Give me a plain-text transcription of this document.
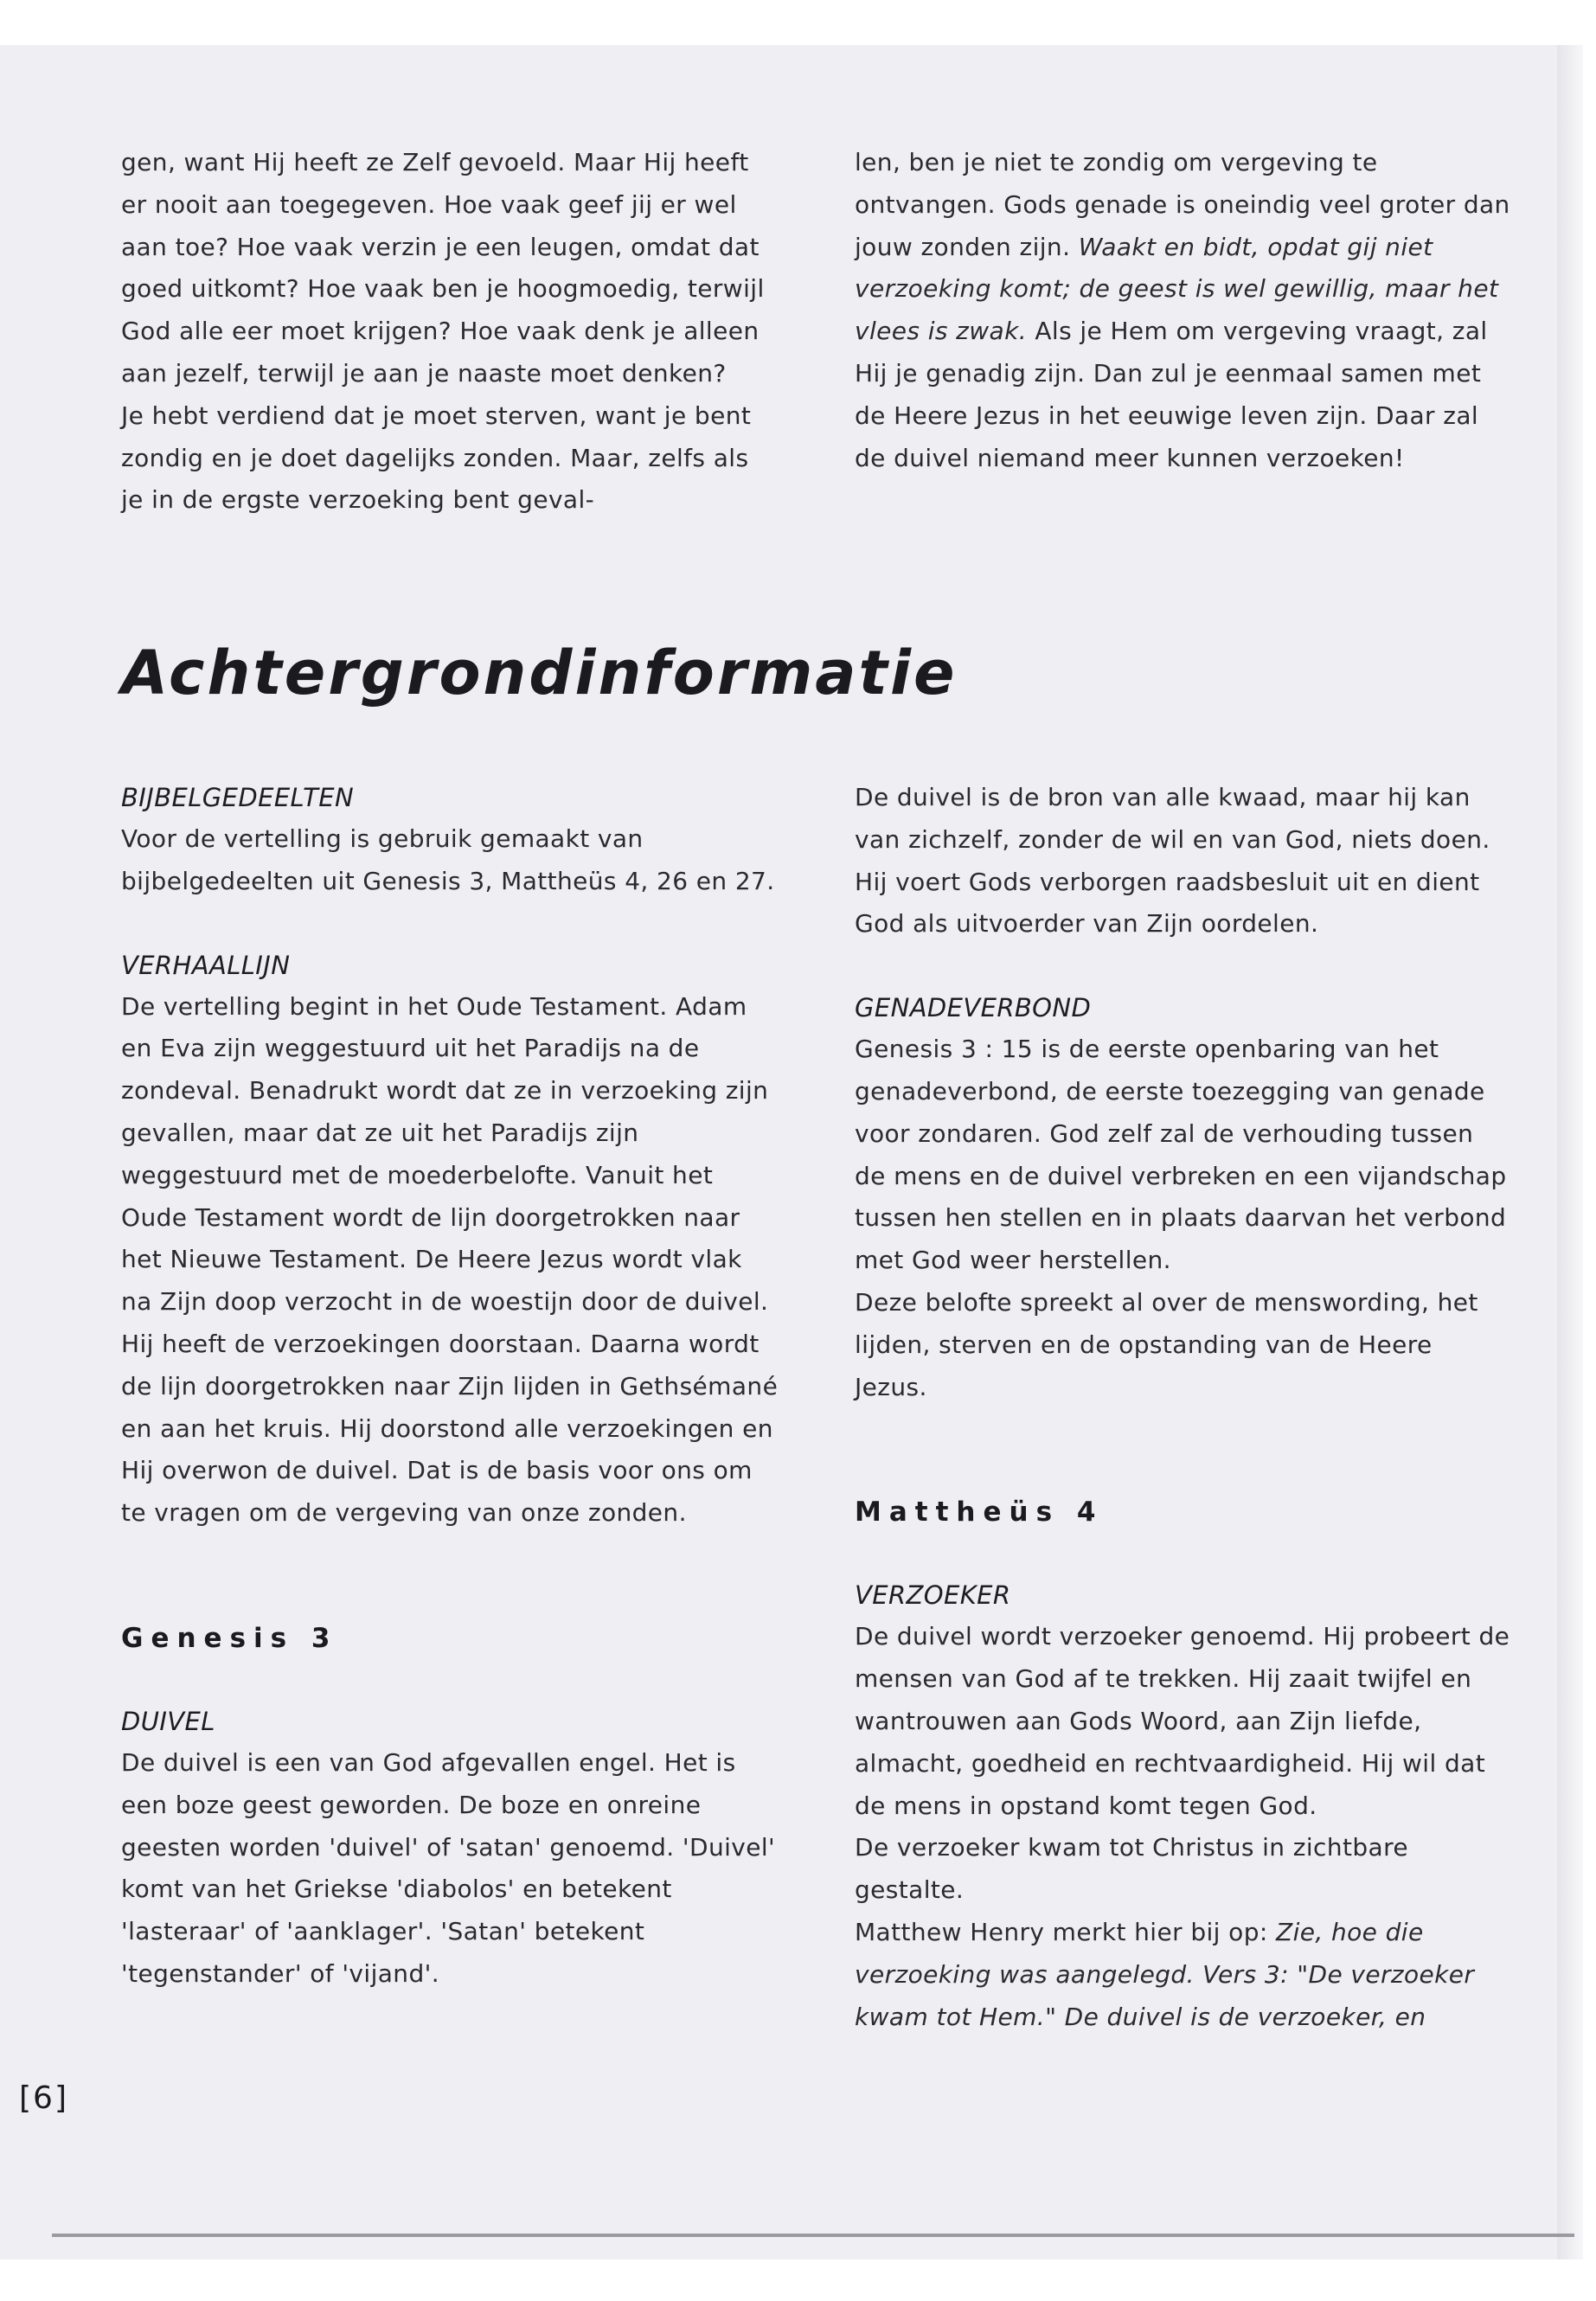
gen, want Hij heeft ze Zelf gevoeld. Maar Hij heeft er nooit aan toegegeven. Hoe vaak geef jij er wel aan toe? Hoe vaak verzin je een leugen, omdat dat goed uitkomt? Hoe vaak ben je hoogmoedig, terwijl God alle eer moet krijgen? Hoe vaak denk je alleen aan jezelf, terwijl je aan je naaste moet denken?

Je hebt verdiend dat je moet sterven, want je bent zondig en je doet dagelijks zonden. Maar, zelfs als je in de ergste verzoeking bent geval-

len, ben je niet te zondig om vergeving te ontvangen. Gods genade is oneindig veel groter dan jouw zonden zijn. Waakt en bidt, opdat gij niet verzoeking komt; de geest is wel gewillig, maar het vlees is zwak. Als je Hem om vergeving vraagt, zal Hij je genadig zijn. Dan zul je eenmaal samen met de Heere Jezus in het eeuwige leven zijn. Daar zal de duivel niemand meer kunnen verzoeken!

Achtergrondinformatie

BIJBELGEDEELTEN

Voor de vertelling is gebruik gemaakt van bijbelgedeelten uit Genesis 3, Mattheüs 4, 26 en 27.

VERHAALLIJN

De vertelling begint in het Oude Testament. Adam en Eva zijn weggestuurd uit het Paradijs na de zondeval. Benadrukt wordt dat ze in verzoeking zijn gevallen, maar dat ze uit het Paradijs zijn weggestuurd met de moederbelofte. Vanuit het Oude Testament wordt de lijn doorgetrokken naar het Nieuwe Testament. De Heere Jezus wordt vlak na Zijn doop verzocht in de woestijn door de duivel. Hij heeft de verzoekingen doorstaan. Daarna wordt de lijn doorgetrokken naar Zijn lijden in Gethsémané en aan het kruis. Hij doorstond alle verzoekingen en Hij overwon de duivel. Dat is de basis voor ons om te vragen om de vergeving van onze zonden.

Genesis 3

DUIVEL

De duivel is een van God afgevallen engel. Het is een boze geest geworden. De boze en onreine geesten worden 'duivel' of 'satan' genoemd. 'Duivel' komt van het Griekse 'diabolos' en betekent 'lasteraar' of 'aanklager'. 'Satan' betekent 'tegenstander' of 'vijand'.

De duivel is de bron van alle kwaad, maar hij kan van zichzelf, zonder de wil en van God, niets doen. Hij voert Gods verborgen raadsbesluit uit en dient God als uitvoerder van Zijn oordelen.

GENADEVERBOND

Genesis 3 : 15 is de eerste openbaring van het genadeverbond, de eerste toezegging van genade voor zondaren. God zelf zal de verhouding tussen de mens en de duivel verbreken en een vijandschap tussen hen stellen en in plaats daarvan het verbond met God weer herstellen.

Deze belofte spreekt al over de menswording, het lijden, sterven en de opstanding van de Heere Jezus.

Mattheüs 4

VERZOEKER

De duivel wordt verzoeker genoemd. Hij probeert de mensen van God af te trekken. Hij zaait twijfel en wantrouwen aan Gods Woord, aan Zijn liefde, almacht, goedheid en rechtvaardigheid. Hij wil dat de mens in opstand komt tegen God.

De verzoeker kwam tot Christus in zichtbare gestalte.

Matthew Henry merkt hier bij op: Zie, hoe die verzoeking was aangelegd. Vers 3: "De verzoeker kwam tot Hem." De duivel is de verzoeker, en

[6]
